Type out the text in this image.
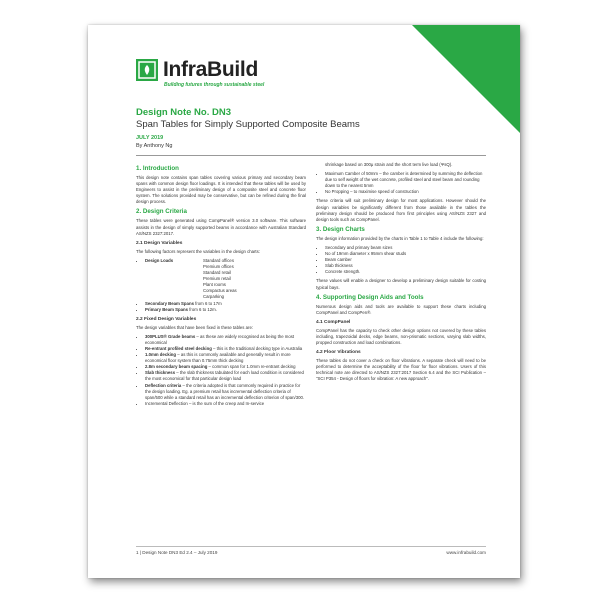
InfraBuild
Building futures through sustainable steel
Design Note No. DN3
Span Tables for Simply Supported Composite Beams
JULY 2019
By Anthony Ng
1. Introduction

This design note contains span tables covering various primary and secondary beam spans with common design floor loadings. It is intended that these tables will be used by Engineers to assist in the preliminary design of a composite steel and concrete floor system. The solutions provided may be conservative, but can be refined during the final design process.

2. Design Criteria

These tables were generated using CompPanel® version 3.0 software. This software assists in the design of simply supported beams in accordance with Australian Standard AS/NZS 2327:2017.

2.1 Design Variables

The following factors represent the variables in the design charts:

• Design Loads	Standard offices
Premium offices
Standard retail
Premium retail
Plant rooms
Compactus areas
Carparking
• Secondary Beam Spans from 6 to 17m
• Primary Beam Spans from 6 to 12m.
2.2 Fixed Design Variables

The design variables that have been fixed in these tables are:

• 300PLUS® Grade beams – as these are widely recognised as being the most economical
• Re-entrant profiled steel decking – this is the traditional decking type in Australia
• 1.0mm decking – as this is commonly available and generally result in more economical floor system than 0.75mm thick decking
• 2.8m secondary beam spacing – common span for 1.0mm re-entrant decking
• Slab thickness – the slab thickness tabulated for each load condition is considered the most economical for that particular design load
• Deflection criteria – the criteria adopted is that commonly required in practice for the design loading. Eg. a premium retail has incremental deflection criteria of span/500 while a standard retail has an incremental deflection criterion of span/300.
• Incremental Deflection – is the sum of the creep and In-service

shrinkage based on 300μ strain and the short term live load (ΨsQ).

• Maximum Camber of 50mm – the camber is determined by summing the deflection due to self weight of the wet concrete, profiled steel and steel beam and rounding down to the nearest 5mm
• No Propping – to maximise speed of construction

These criteria will suit preliminary design for most applications. However should the design variables be significantly different from those available in the tables the preliminary design should be produced from first principles using AS/NZS 2327 and design tools such as CompPanel.

3. Design Charts

The design information provided by the charts in Table 1 to Table 4 include the following:

• Secondary and primary beam sizes
• No of 19mm diameter x 95mm shear studs
• Beam camber
• Slab thickness
• Concrete strength.

These values will enable a designer to develop a preliminary design suitable for costing typical bays.

4. Supporting Design Aids and Tools

Numerous design aids and tools are available to support these charts including CompPanel and CompPen®.

4.1 CompPanel

CompPanel has the capacity to check other design options not covered by these tables including, trapezoidal decks, edge beams, non-prismatic sections, varying slab widths, propped construction and load combinations.

4.2 Floor Vibrations

These tables do not cover a check on floor vibrations. A separate check will need to be performed to determine the acceptability of the floor for floor vibrations. Users of this technical note are directed to AS/NZS 2327:2017 Section 6.4 and the SCI Publication – "SCI P354 - Design of floors for vibration: A new approach".

1 | Design Note DN3 Ed 2.4 – July 2019	www.infrabuild.com
